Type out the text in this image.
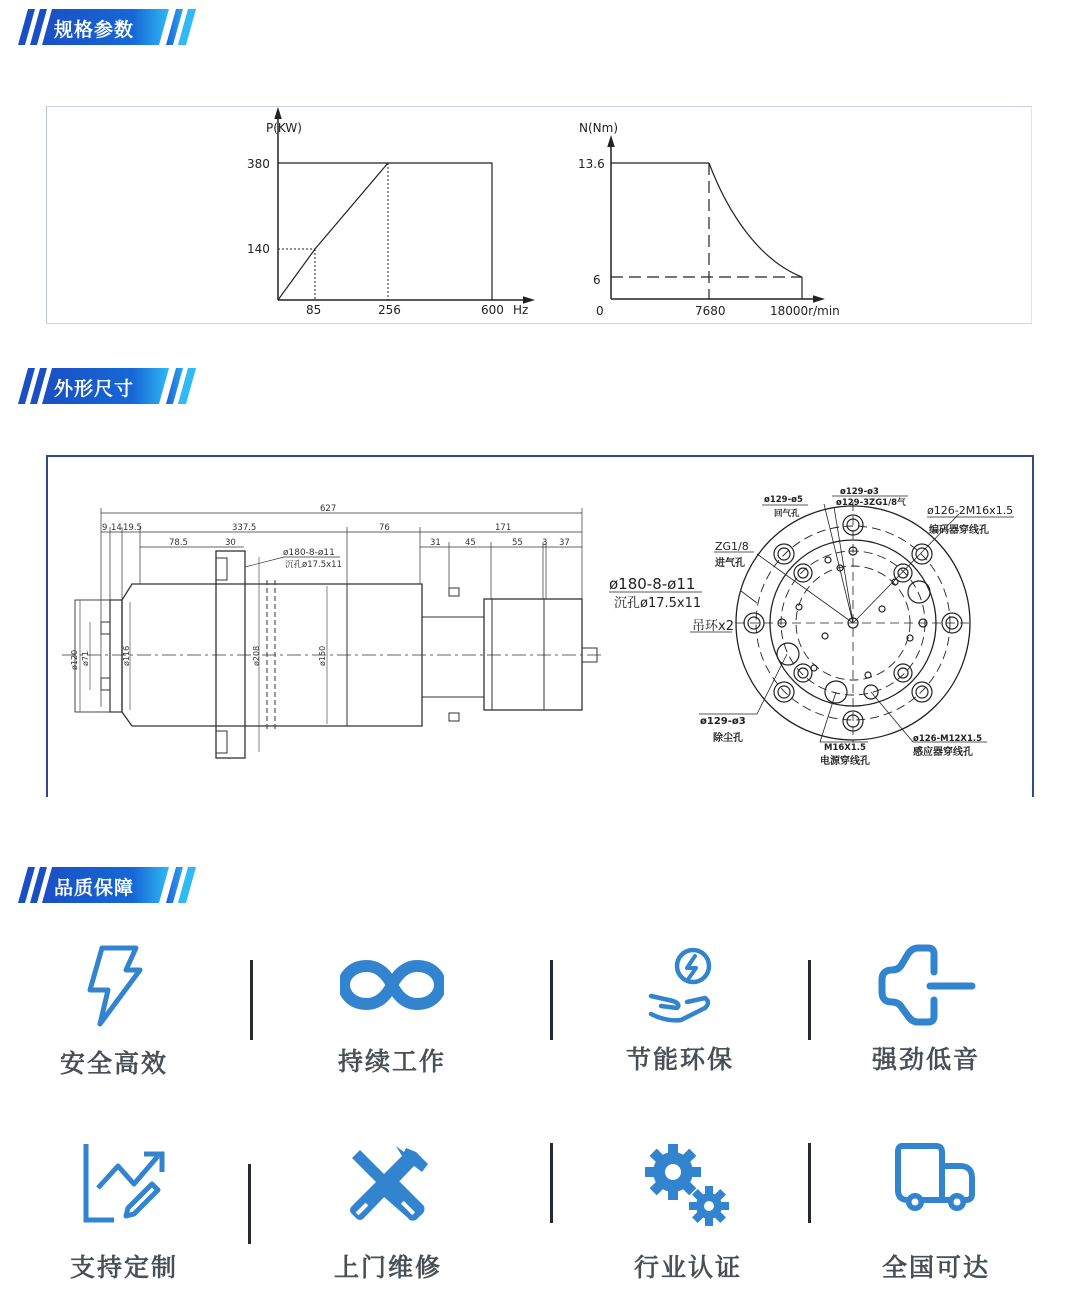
规格参数
P(KW)
380
140
85	256	600 Hz
N(Nm)
13.6
6
0	7680	18000r/min
外形尺寸
627
9 14 19.5	337.5	76	171
78.5	30	31	45	55 3 37
ø180-8-ø11
沉孔ø17.5x11
ø120 ø71	ø116	ø208	ø150
ø129-ø5
回气孔
ø129-ø3
ø129-3ZG1/8气
ø126-2M16x1.5
编码器穿线孔
ZG1/8
进气孔
ø180-8-ø11
沉孔ø17.5x11
吊环x2
ø129-ø3
除尘孔
M16X1.5
电源穿线孔
ø126-M12X1.5
感应器穿线孔
品质保障
安全高效	持续工作	节能环保	强劲低音
支持定制	上门维修	行业认证	全国可达
